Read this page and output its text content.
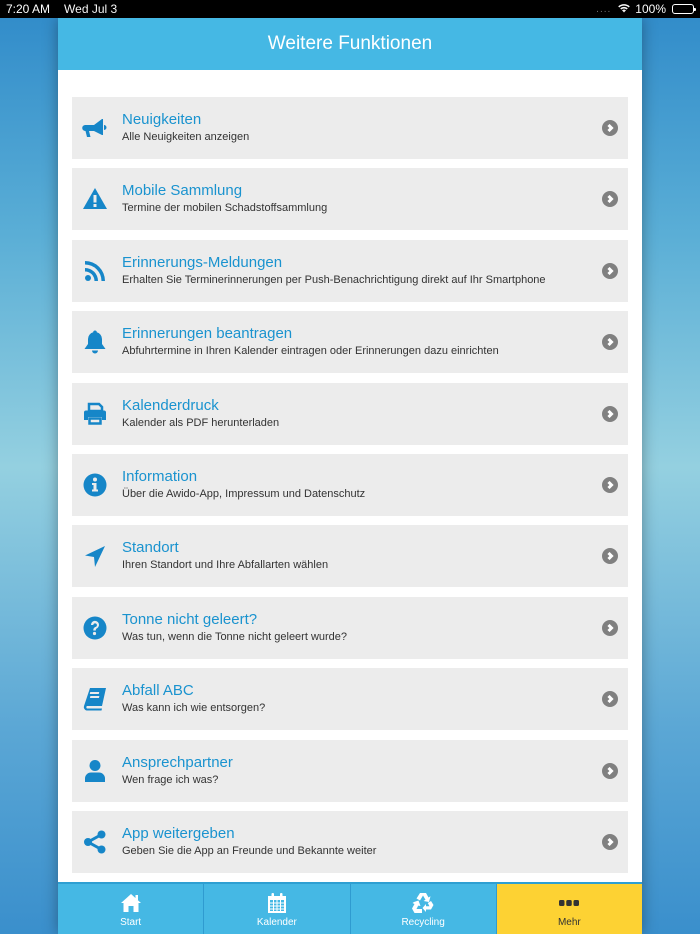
7:20 AM Wed Jul 3	.... 100%
Weitere Funktionen
Neuigkeiten
Alle Neuigkeiten anzeigen
Mobile Sammlung
Termine der mobilen Schadstoffsammlung
Erinnerungs-Meldungen
Erhalten Sie Terminerinnerungen per Push-Benachrichtigung direkt auf Ihr Smartphone
Erinnerungen beantragen
Abfuhrtermine in Ihren Kalender eintragen oder Erinnerungen dazu einrichten
Kalenderdruck
Kalender als PDF herunterladen
Information
Über die Awido-App, Impressum und Datenschutz
Standort
Ihren Standort und Ihre Abfallarten wählen
Tonne nicht geleert?
Was tun, wenn die Tonne nicht geleert wurde?
Abfall ABC
Was kann ich wie entsorgen?
Ansprechpartner
Wen frage ich was?
App weitergeben
Geben Sie die App an Freunde und Bekannte weiter
Start	Kalender	Recycling	Mehr
